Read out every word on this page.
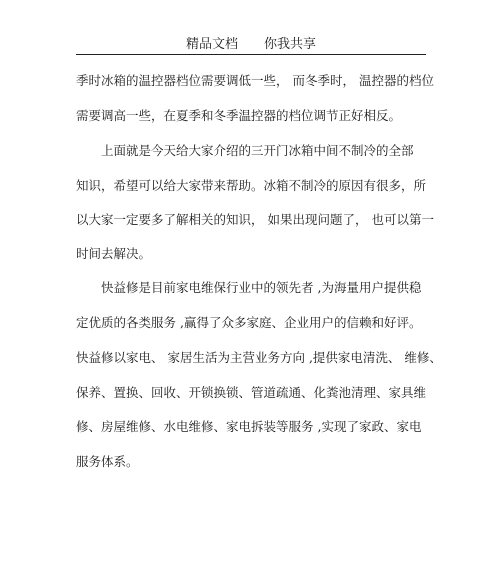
精品文档 你我共享
季时冰箱的温控器档位需要调低一些， 而冬季时， 温控器的档位
需要调高一些，在夏季和冬季温控器的档位调节正好相反。
上面就是今天给大家介绍的三开门冰箱中间不制冷的全部
知识，希望可以给大家带来帮助。冰箱不制冷的原因有很多，所
以大家一定要多了解相关的知识， 如果出现问题了， 也可以第一
时间去解决。
快益修是目前家电维保行业中的领先者 ,为海量用户提供稳
定优质的各类服务 ,赢得了众多家庭、企业用户的信赖和好评。
快益修以家电、 家居生活为主营业务方向 ,提供家电清洗、 维修、
保养、置换、回收、开锁换锁、管道疏通、化粪池清理、家具维
修、房屋维修、水电维修、家电拆装等服务 ,实现了家政、家电
服务体系。
